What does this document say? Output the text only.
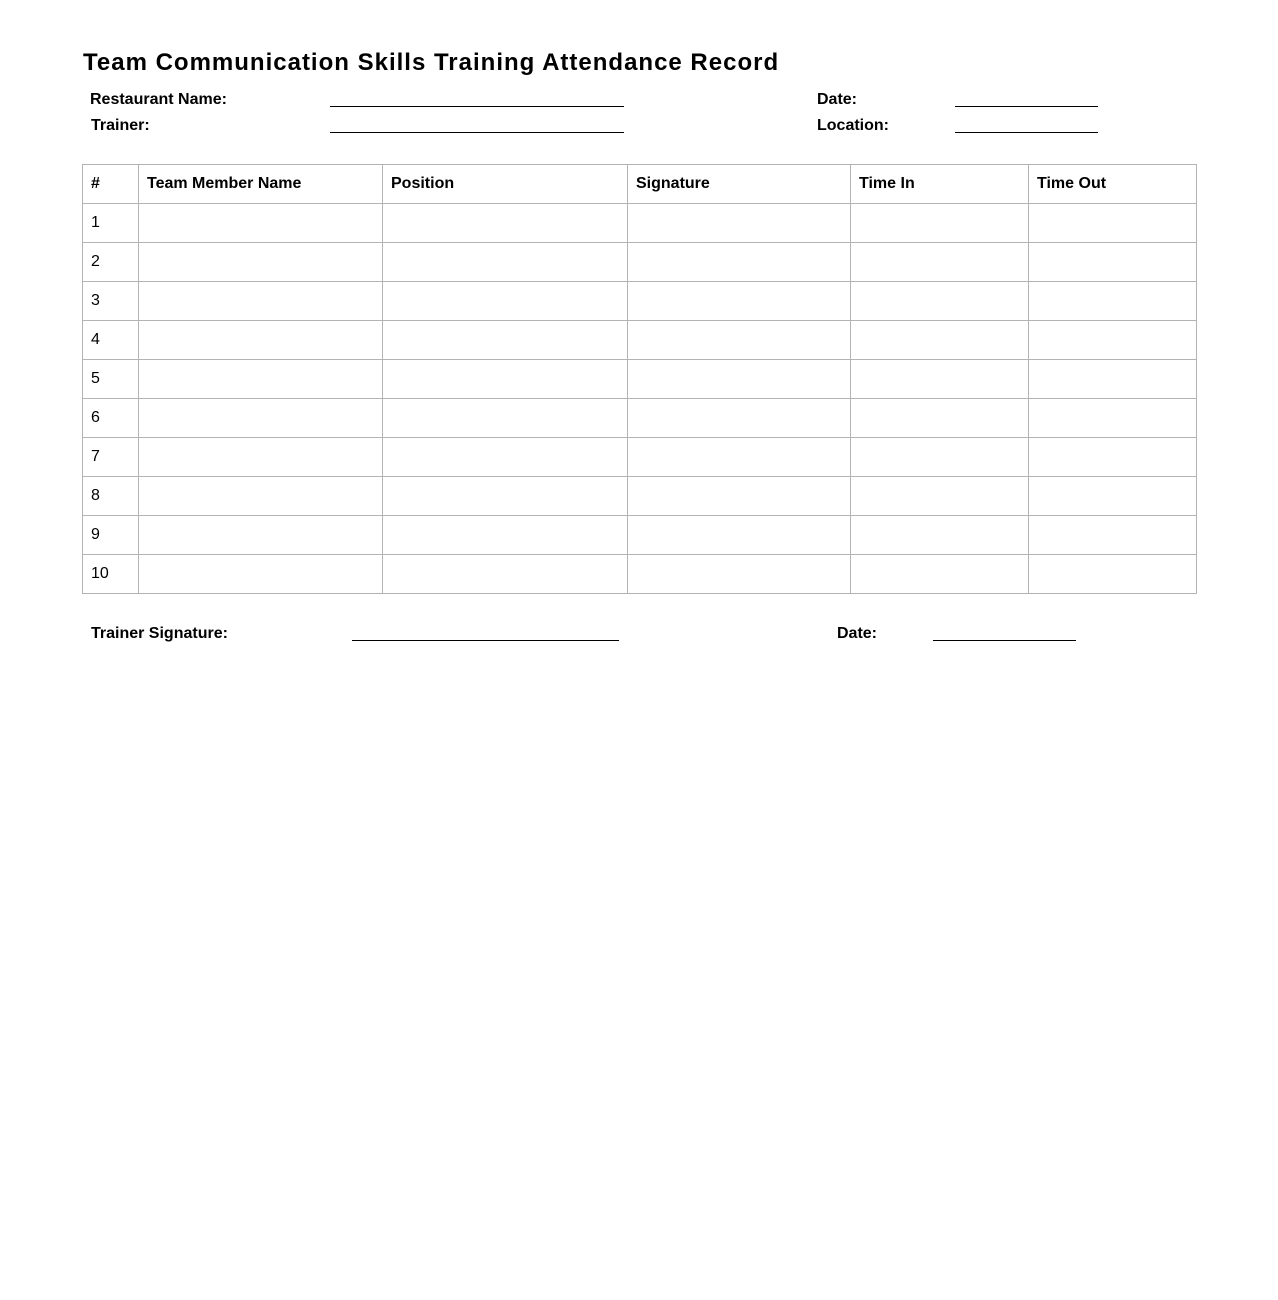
Team Communication Skills Training Attendance Record
Restaurant Name:
Trainer:
Date:
Location:
#	Team Member Name	Position	Signature	Time In	Time Out
1					
2					
3					
4					
5					
6					
7					
8					
9					
10					
Trainer Signature:	Date:
